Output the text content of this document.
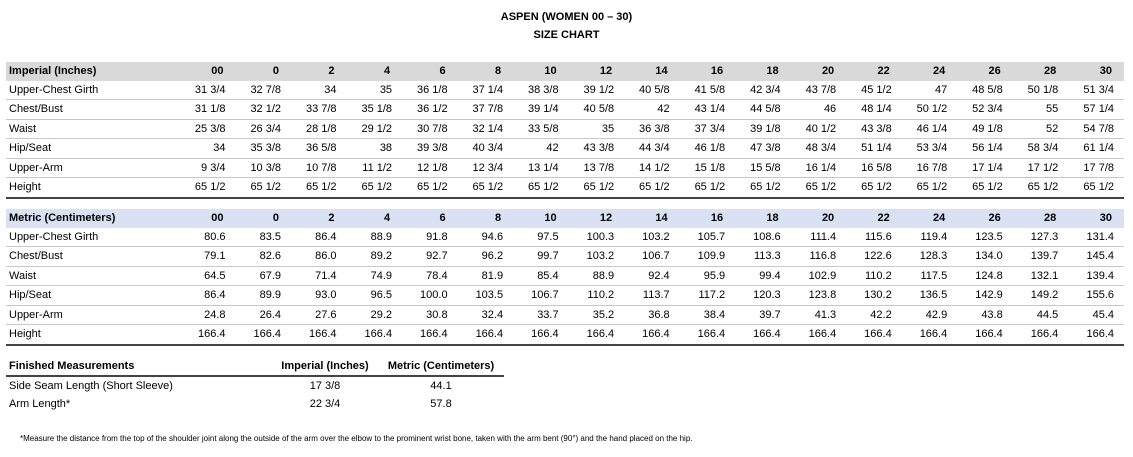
ASPEN (WOMEN 00 – 30)
SIZE CHART
Imperial (Inches)	00	0	2	4	6	8	10	12	14	16	18	20	22	24	26	28	30
Upper-Chest Girth	31 3/4	32 7/8	34	35	36 1/8	37 1/4	38 3/8	39 1/2	40 5/8	41 5/8	42 3/4	43 7/8	45 1/2	47	48 5/8	50 1/8	51 3/4
Chest/Bust	31 1/8	32 1/2	33 7/8	35 1/8	36 1/2	37 7/8	39 1/4	40 5/8	42	43 1/4	44 5/8	46	48 1/4	50 1/2	52 3/4	55	57 1/4
Waist	25 3/8	26 3/4	28 1/8	29 1/2	30 7/8	32 1/4	33 5/8	35	36 3/8	37 3/4	39 1/8	40 1/2	43 3/8	46 1/4	49 1/8	52	54 7/8
Hip/Seat	34	35 3/8	36 5/8	38	39 3/8	40 3/4	42	43 3/8	44 3/4	46 1/8	47 3/8	48 3/4	51 1/4	53 3/4	56 1/4	58 3/4	61 1/4
Upper-Arm	9 3/4	10 3/8	10 7/8	11 1/2	12 1/8	12 3/4	13 1/4	13 7/8	14 1/2	15 1/8	15 5/8	16 1/4	16 5/8	16 7/8	17 1/4	17 1/2	17 7/8
Height	65 1/2	65 1/2	65 1/2	65 1/2	65 1/2	65 1/2	65 1/2	65 1/2	65 1/2	65 1/2	65 1/2	65 1/2	65 1/2	65 1/2	65 1/2	65 1/2	65 1/2
Metric (Centimeters)	00	0	2	4	6	8	10	12	14	16	18	20	22	24	26	28	30
Upper-Chest Girth	80.6	83.5	86.4	88.9	91.8	94.6	97.5	100.3	103.2	105.7	108.6	111.4	115.6	119.4	123.5	127.3	131.4
Chest/Bust	79.1	82.6	86.0	89.2	92.7	96.2	99.7	103.2	106.7	109.9	113.3	116.8	122.6	128.3	134.0	139.7	145.4
Waist	64.5	67.9	71.4	74.9	78.4	81.9	85.4	88.9	92.4	95.9	99.4	102.9	110.2	117.5	124.8	132.1	139.4
Hip/Seat	86.4	89.9	93.0	96.5	100.0	103.5	106.7	110.2	113.7	117.2	120.3	123.8	130.2	136.5	142.9	149.2	155.6
Upper-Arm	24.8	26.4	27.6	29.2	30.8	32.4	33.7	35.2	36.8	38.4	39.7	41.3	42.2	42.9	43.8	44.5	45.4
Height	166.4	166.4	166.4	166.4	166.4	166.4	166.4	166.4	166.4	166.4	166.4	166.4	166.4	166.4	166.4	166.4	166.4
Finished Measurements	Imperial (Inches)	Metric (Centimeters)
Side Seam Length (Short Sleeve)	17 3/8	44.1
Arm Length*	22 3/4	57.8
*Measure the distance from the top of the shoulder joint along the outside of the arm over the elbow to the prominent wrist bone, taken with the arm bent (90°) and the hand placed on the hip.
